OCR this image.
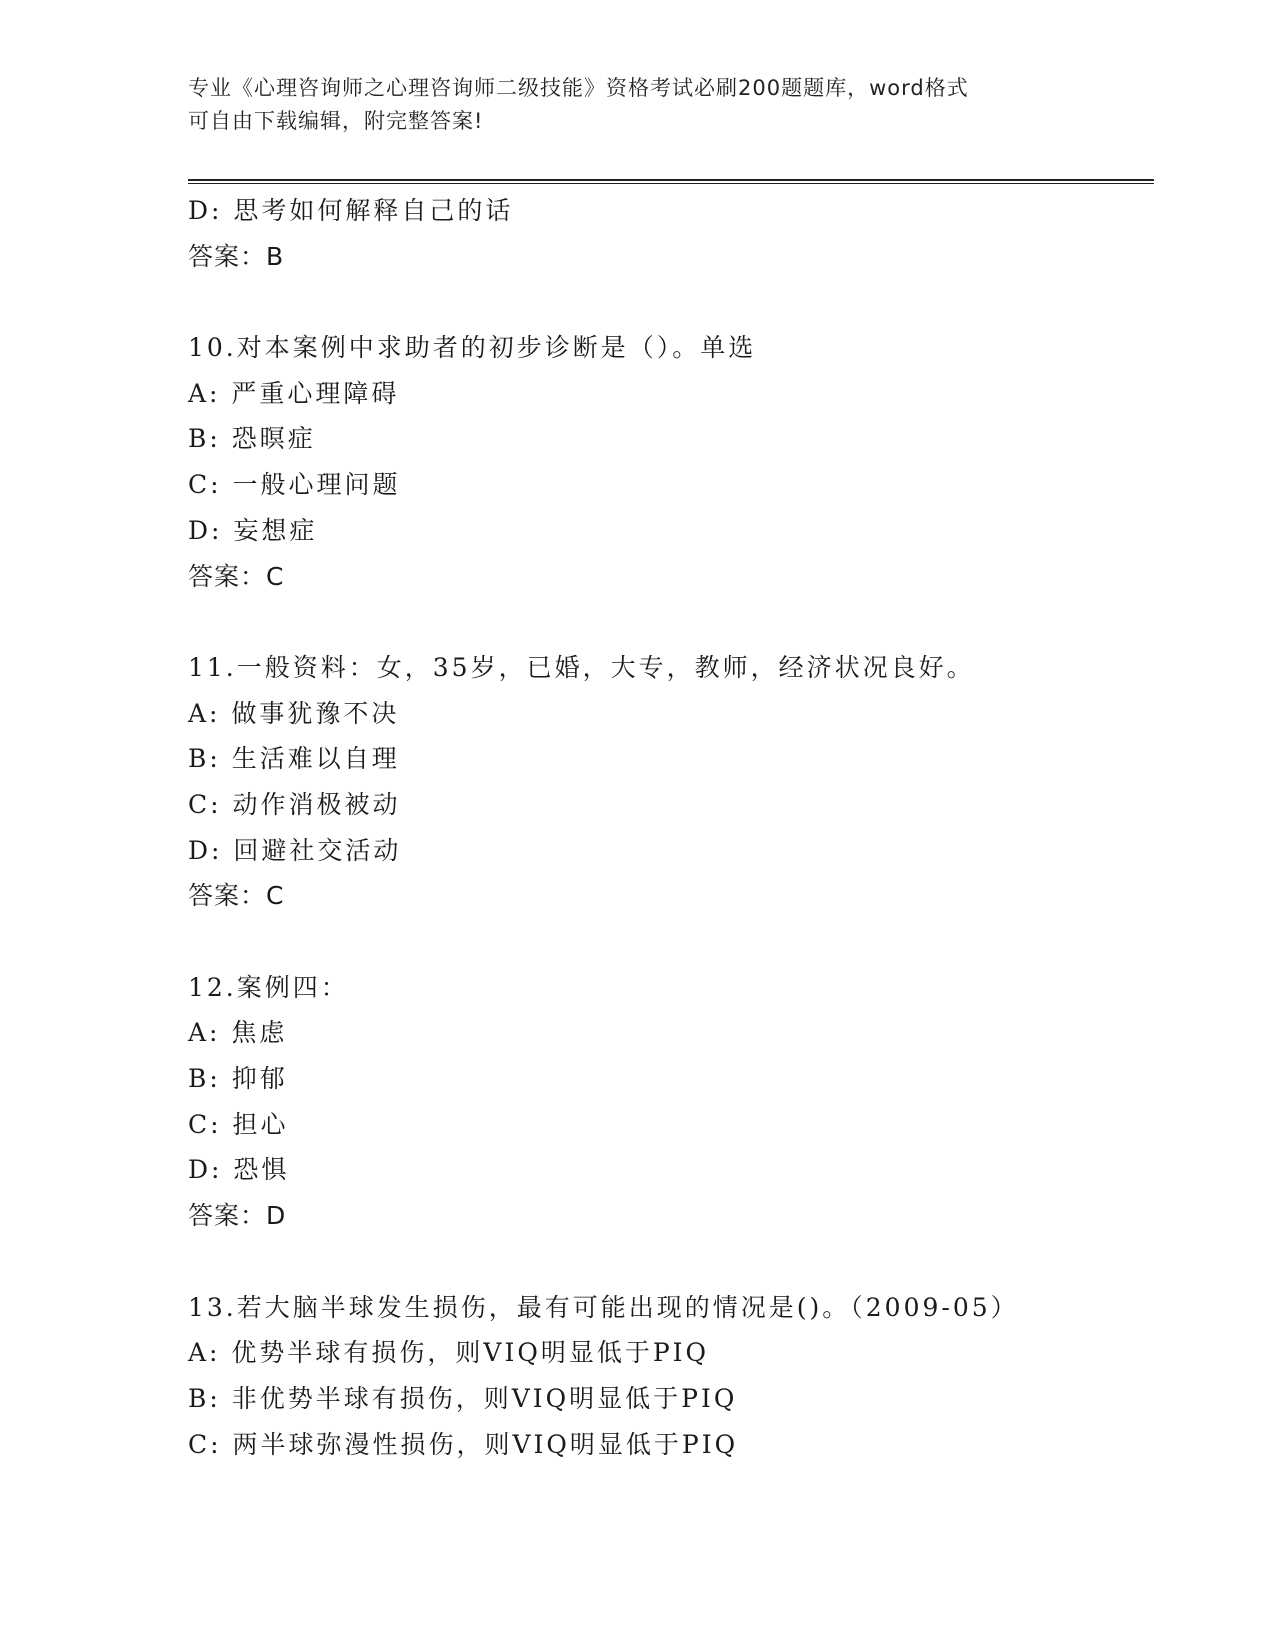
专业《心理咨询师之心理咨询师二级技能》资格考试必刷200题题库，word格式
可自由下载编辑，附完整答案!
D: 思考如何解释自己的话
答案：B
10.对本案例中求助者的初步诊断是（）。单选
A: 严重心理障碍
B: 恐暝症
C: 一般心理问题
D: 妄想症
答案：C
11.一般资料：女，35岁，已婚，大专，教师，经济状况良好。
A: 做事犹豫不决
B: 生活难以自理
C: 动作消极被动
D: 回避社交活动
答案：C
12.案例四：
A: 焦虑
B: 抑郁
C: 担心
D: 恐惧
答案：D
13.若大脑半球发生损伤，最有可能出现的情况是()。（2009-05）
A: 优势半球有损伤，则VIQ明显低于PIQ
B: 非优势半球有损伤，则VIQ明显低于PIQ
C: 两半球弥漫性损伤，则VIQ明显低于PIQ
